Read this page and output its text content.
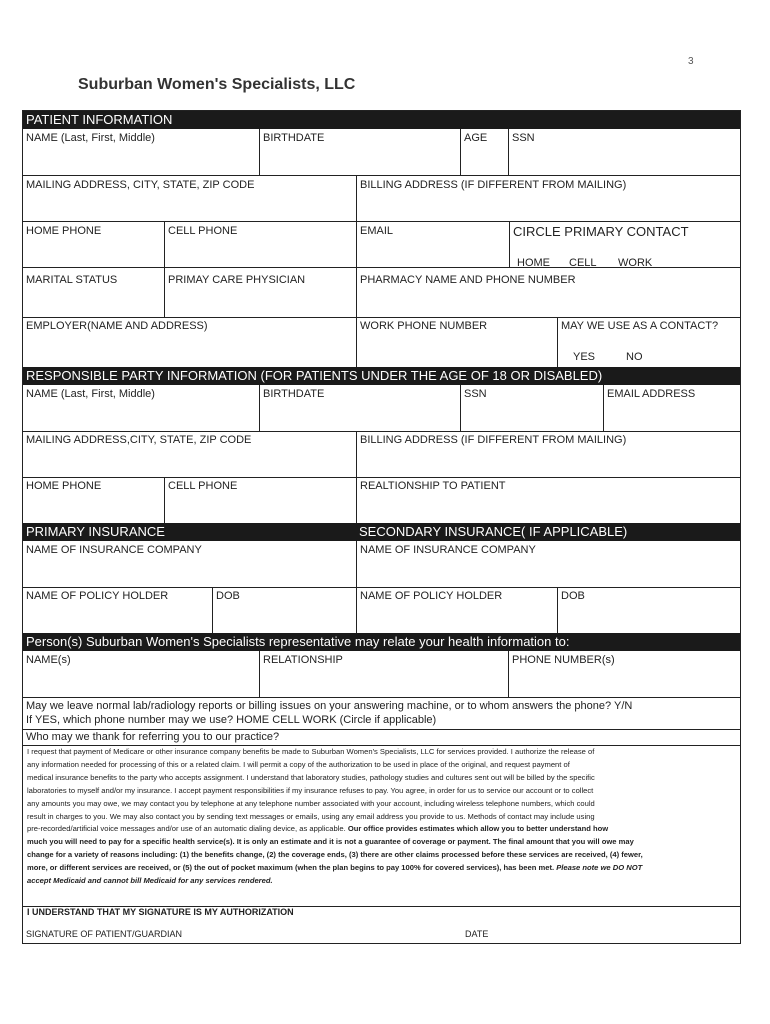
3
Suburban Women's Specialists, LLC
PATIENT INFORMATION
NAME (Last, First, Middle)	BIRTHDATE	AGE SSN
MAILING ADDRESS, CITY, STATE, ZIP CODE	BILLING ADDRESS (IF DIFFERENT FROM MAILING)
HOME PHONE	CELL PHONE	EMAIL	CIRCLE PRIMARY CONTACT
HOME CELL WORK
MARITAL STATUS	PRIMAY CARE PHYSICIAN	PHARMACY NAME AND PHONE NUMBER
EMPLOYER(NAME AND ADDRESS)	WORK PHONE NUMBER	MAY WE USE AS A CONTACT?
YES	NO
RESPONSIBLE PARTY INFORMATION (FOR PATIENTS UNDER THE AGE OF 18 OR DISABLED)
NAME (Last, First, Middle)	BIRTHDATE	SSN	EMAIL ADDRESS
MAILING ADDRESS,CITY, STATE, ZIP CODE	BILLING ADDRESS (IF DIFFERENT FROM MAILING)
HOME PHONE	CELL PHONE	REALTIONSHIP TO PATIENT
PRIMARY INSURANCE	SECONDARY INSURANCE( IF APPLICABLE)
NAME OF INSURANCE COMPANY	NAME OF INSURANCE COMPANY
NAME OF POLICY HOLDER	DOB	NAME OF POLICY HOLDER	DOB
Person(s) Suburban Women's Specialists representative may relate your health information to:
NAME(s)	RELATIONSHIP	PHONE NUMBER(s)
May we leave normal lab/radiology reports or billing issues on your answering machine, or to whom answers the phone? Y/N
If YES, which phone number may we use? HOME CELL WORK (Circle if applicable)
Who may we thank for referring you to our practice?
I request that payment of Medicare or other insurance company benefits be made to Suburban Women's Specialists, LLC for services provided. I authorize the release of
any information needed for processing of this or a related claim. I will permit a copy of the authorization to be used in place of the original, and request payment of
medical insurance benefits to the party who accepts assignment. I understand that laboratory studies, pathology studies and cultures sent out will be billed by the specific
laboratories to myself and/or my insurance. I accept payment responsibilities if my insurance refuses to pay. You agree, in order for us to service our account or to collect
any amounts you may owe, we may contact you by telephone at any telephone number associated with your account, including wireless telephone numbers, which could
result in charges to you. We may also contact you by sending text messages or emails, using any email address you provide to us. Methods of contact may include using
pre-recorded/artificial voice messages and/or use of an automatic dialing device, as applicable. Our office provides estimates which allow you to better understand how
much you will need to pay for a specific health service(s). It is only an estimate and it is not a guarantee of coverage or payment. The final amount that you will owe may
change for a variety of reasons including: (1) the benefits change, (2) the coverage ends, (3) there are other claims processed before these services are received, (4) fewer,
more, or different services are received, or (5) the out of pocket maximum (when the plan begins to pay 100% for covered services), has been met. Please note we DO NOT
accept Medicaid and cannot bill Medicaid for any services rendered.
I UNDERSTAND THAT MY SIGNATURE IS MY AUTHORIZATION
SIGNATURE OF PATIENT/GUARDIAN	DATE
